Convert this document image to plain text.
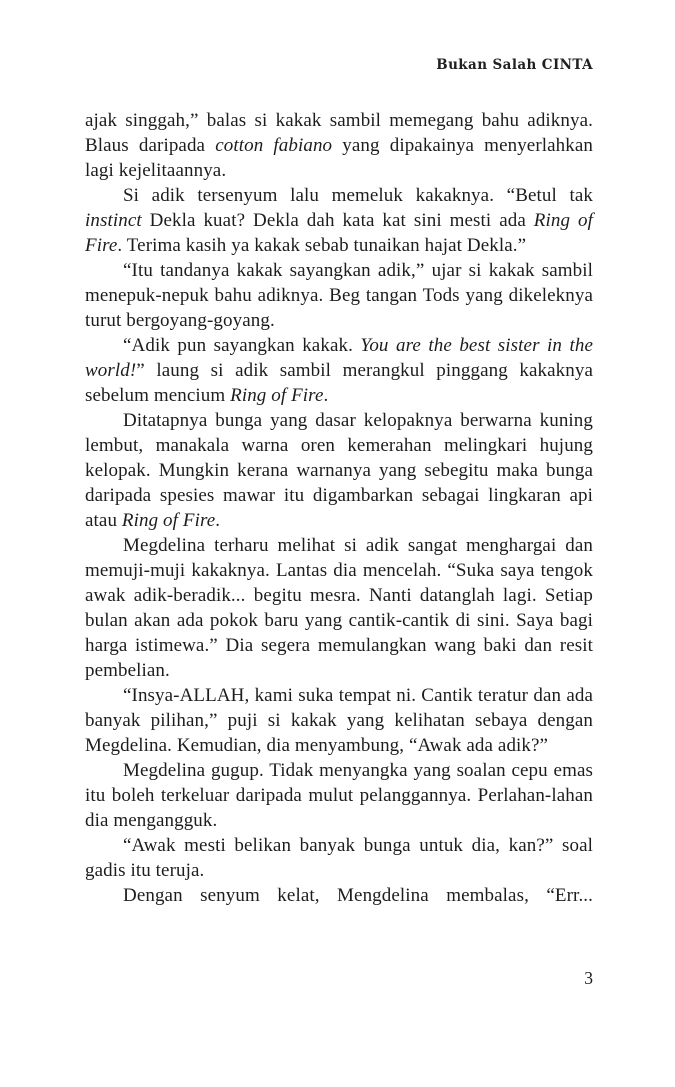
Bukan Salah CINTA

ajak singgah,” balas si kakak sambil memegang bahu adiknya. Blaus daripada cotton fabiano yang dipakainya menyerlahkan lagi kejelitaannya.

Si adik tersenyum lalu memeluk kakaknya. “Betul tak instinct Dekla kuat? Dekla dah kata kat sini mesti ada Ring of Fire. Terima kasih ya kakak sebab tunaikan hajat Dekla.”

“Itu tandanya kakak sayangkan adik,” ujar si kakak sambil menepuk-nepuk bahu adiknya. Beg tangan Tods yang dikeleknya turut bergoyang-goyang.

“Adik pun sayangkan kakak. You are the best sister in the world!” laung si adik sambil merangkul pinggang kakaknya sebelum mencium Ring of Fire.

Ditatapnya bunga yang dasar kelopaknya berwarna kuning lembut, manakala warna oren kemerahan melingkari hujung kelopak. Mungkin kerana warnanya yang sebegitu maka bunga daripada spesies mawar itu digambarkan sebagai lingkaran api atau Ring of Fire.

Megdelina terharu melihat si adik sangat menghargai dan memuji-muji kakaknya. Lantas dia mencelah. “Suka saya tengok awak adik-beradik... begitu mesra. Nanti datanglah lagi. Setiap bulan akan ada pokok baru yang cantik-cantik di sini. Saya bagi harga istimewa.” Dia segera memulangkan wang baki dan resit pembelian.

“Insya-ALLAH, kami suka tempat ni. Cantik teratur dan ada banyak pilihan,” puji si kakak yang kelihatan sebaya dengan Megdelina. Kemudian, dia menyambung, “Awak ada adik?”

Megdelina gugup. Tidak menyangka yang soalan cepu emas itu boleh terkeluar daripada mulut pelanggannya. Perlahan-lahan dia mengangguk.

“Awak mesti belikan banyak bunga untuk dia, kan?” soal gadis itu teruja.

Dengan senyum kelat, Mengdelina membalas, “Err...

3
